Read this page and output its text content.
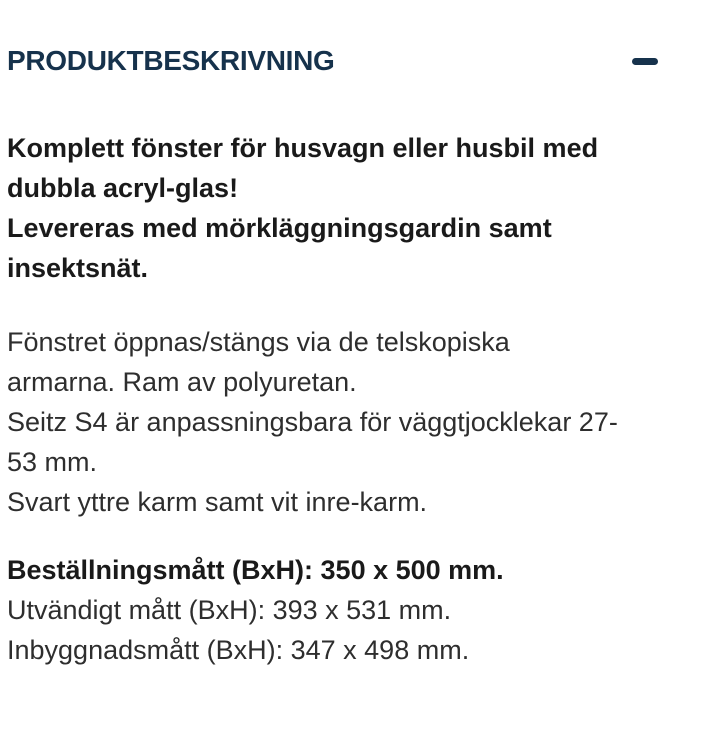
PRODUKTBESKRIVNING
Komplett fönster för husvagn eller husbil med
dubbla acryl-glas!
Levereras med mörkläggningsgardin samt
insektsnät.
Fönstret öppnas/stängs via de telskopiska
armarna. Ram av polyuretan.
Seitz S4 är anpassningsbara för väggtjocklekar 27-
53 mm.
Svart yttre karm samt vit inre-karm.
Beställningsmått (BxH): 350 x 500 mm.
Utvändigt mått (BxH): 393 x 531 mm.
Inbyggnadsmått (BxH): 347 x 498 mm.
